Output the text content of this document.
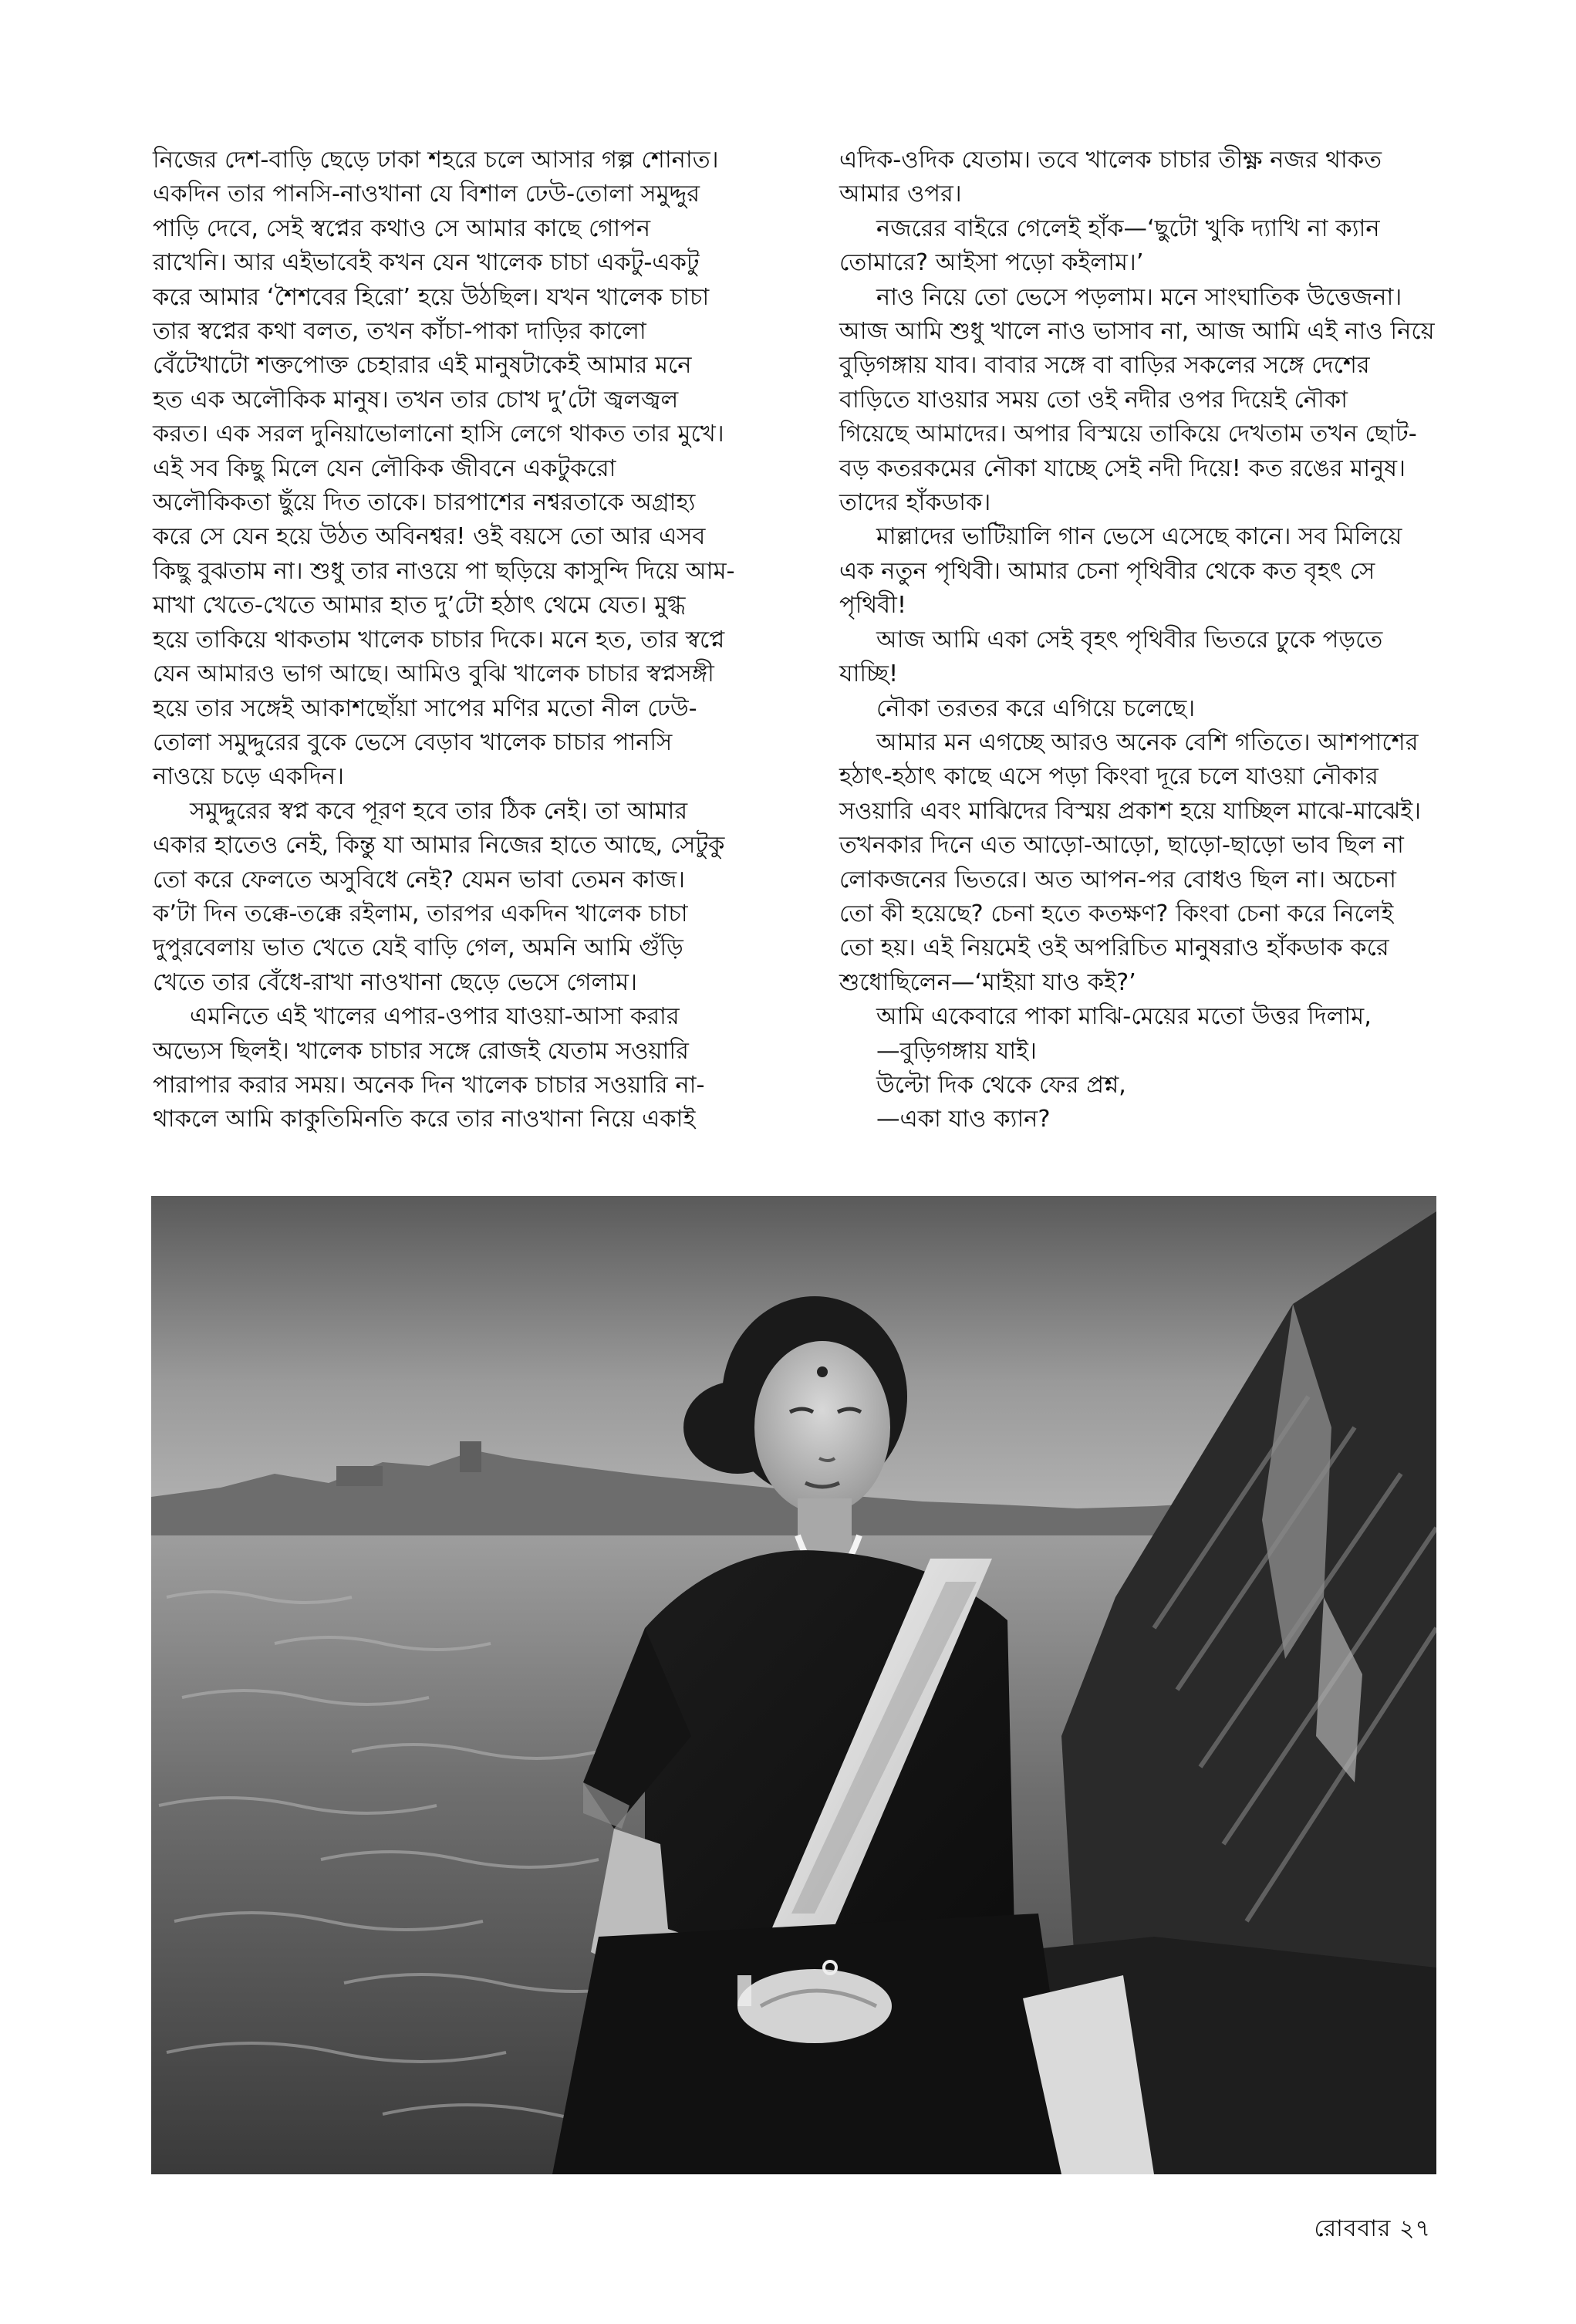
নিজের দেশ-বাড়ি ছেড়ে ঢাকা শহরে চলে আসার গল্প শোনাত।
একদিন তার পানসি-নাওখানা যে বিশাল ঢেউ-তোলা সমুদ্দুর
পাড়ি দেবে, সেই স্বপ্নের কথাও সে আমার কাছে গোপন
রাখেনি। আর এইভাবেই কখন যেন খালেক চাচা একটু-একটু
করে আমার ‘শৈশবের হিরো’ হয়ে উঠছিল। যখন খালেক চাচা
তার স্বপ্নের কথা বলত, তখন কাঁচা-পাকা দাড়ির কালো
বেঁটেখাটো শক্তপোক্ত চেহারার এই মানুষটাকেই আমার মনে
হত এক অলৌকিক মানুষ। তখন তার চোখ দু’টো জ্বলজ্বল
করত। এক সরল দুনিয়াভোলানো হাসি লেগে থাকত তার মুখে।
এই সব কিছু মিলে যেন লৌকিক জীবনে একটুকরো
অলৌকিকতা ছুঁয়ে দিত তাকে। চারপাশের নশ্বরতাকে অগ্রাহ্য
করে সে যেন হয়ে উঠত অবিনশ্বর! ওই বয়সে তো আর এসব
কিছু বুঝতাম না। শুধু তার নাওয়ে পা ছড়িয়ে কাসুন্দি দিয়ে আম-
মাখা খেতে-খেতে আমার হাত দু’টো হঠাৎ থেমে যেত। মুগ্ধ
হয়ে তাকিয়ে থাকতাম খালেক চাচার দিকে। মনে হত, তার স্বপ্নে
যেন আমারও ভাগ আছে। আমিও বুঝি খালেক চাচার স্বপ্নসঙ্গী
হয়ে তার সঙ্গেই আকাশছোঁয়া সাপের মণির মতো নীল ঢেউ-
তোলা সমুদ্দুরের বুকে ভেসে বেড়াব খালেক চাচার পানসি
নাওয়ে চড়ে একদিন।
সমুদ্দুরের স্বপ্ন কবে পূরণ হবে তার ঠিক নেই। তা আমার
একার হাতেও নেই, কিন্তু যা আমার নিজের হাতে আছে, সেটুকু
তো করে ফেলতে অসুবিধে নেই? যেমন ভাবা তেমন কাজ।
ক’টা দিন তক্কে-তক্কে রইলাম, তারপর একদিন খালেক চাচা
দুপুরবেলায় ভাত খেতে যেই বাড়ি গেল, অমনি আমি গুঁড়ি
খেতে তার বেঁধে-রাখা নাওখানা ছেড়ে ভেসে গেলাম।
এমনিতে এই খালের এপার-ওপার যাওয়া-আসা করার
অভ্যেস ছিলই। খালেক চাচার সঙ্গে রোজই যেতাম সওয়ারি
পারাপার করার সময়। অনেক দিন খালেক চাচার সওয়ারি না-
থাকলে আমি কাকুতিমিনতি করে তার নাওখানা নিয়ে একাই
এদিক-ওদিক যেতাম। তবে খালেক চাচার তীক্ষ্ণ নজর থাকত
আমার ওপর।
নজরের বাইরে গেলেই হাঁক—‘ছুটো খুকি দ্যাখি না ক্যান
তোমারে? আইসা পড়ো কইলাম।’
নাও নিয়ে তো ভেসে পড়লাম। মনে সাংঘাতিক উত্তেজনা।
আজ আমি শুধু খালে নাও ভাসাব না, আজ আমি এই নাও নিয়ে
বুড়িগঙ্গায় যাব। বাবার সঙ্গে বা বাড়ির সকলের সঙ্গে দেশের
বাড়িতে যাওয়ার সময় তো ওই নদীর ওপর দিয়েই নৌকা
গিয়েছে আমাদের। অপার বিস্ময়ে তাকিয়ে দেখতাম তখন ছোট-
বড় কতরকমের নৌকা যাচ্ছে সেই নদী দিয়ে! কত রঙের মানুষ।
তাদের হাঁকডাক।
মাল্লাদের ভাটিয়ালি গান ভেসে এসেছে কানে। সব মিলিয়ে
এক নতুন পৃথিবী। আমার চেনা পৃথিবীর থেকে কত বৃহৎ সে
পৃথিবী!
আজ আমি একা সেই বৃহৎ পৃথিবীর ভিতরে ঢুকে পড়তে
যাচ্ছি!
নৌকা তরতর করে এগিয়ে চলেছে।
আমার মন এগচ্ছে আরও অনেক বেশি গতিতে। আশপাশের
হঠাৎ-হঠাৎ কাছে এসে পড়া কিংবা দূরে চলে যাওয়া নৌকার
সওয়ারি এবং মাঝিদের বিস্ময় প্রকাশ হয়ে যাচ্ছিল মাঝে-মাঝেই।
তখনকার দিনে এত আড়ো-আড়ো, ছাড়ো-ছাড়ো ভাব ছিল না
লোকজনের ভিতরে। অত আপন-পর বোধও ছিল না। অচেনা
তো কী হয়েছে? চেনা হতে কতক্ষণ? কিংবা চেনা করে নিলেই
তো হয়। এই নিয়মেই ওই অপরিচিত মানুষরাও হাঁকডাক করে
শুধোছিলেন—‘মাইয়া যাও কই?’
আমি একেবারে পাকা মাঝি-মেয়ের মতো উত্তর দিলাম,
—বুড়িগঙ্গায় যাই।
উল্টো দিক থেকে ফের প্রশ্ন,
—একা যাও ক্যান?
রোববার ২৭
